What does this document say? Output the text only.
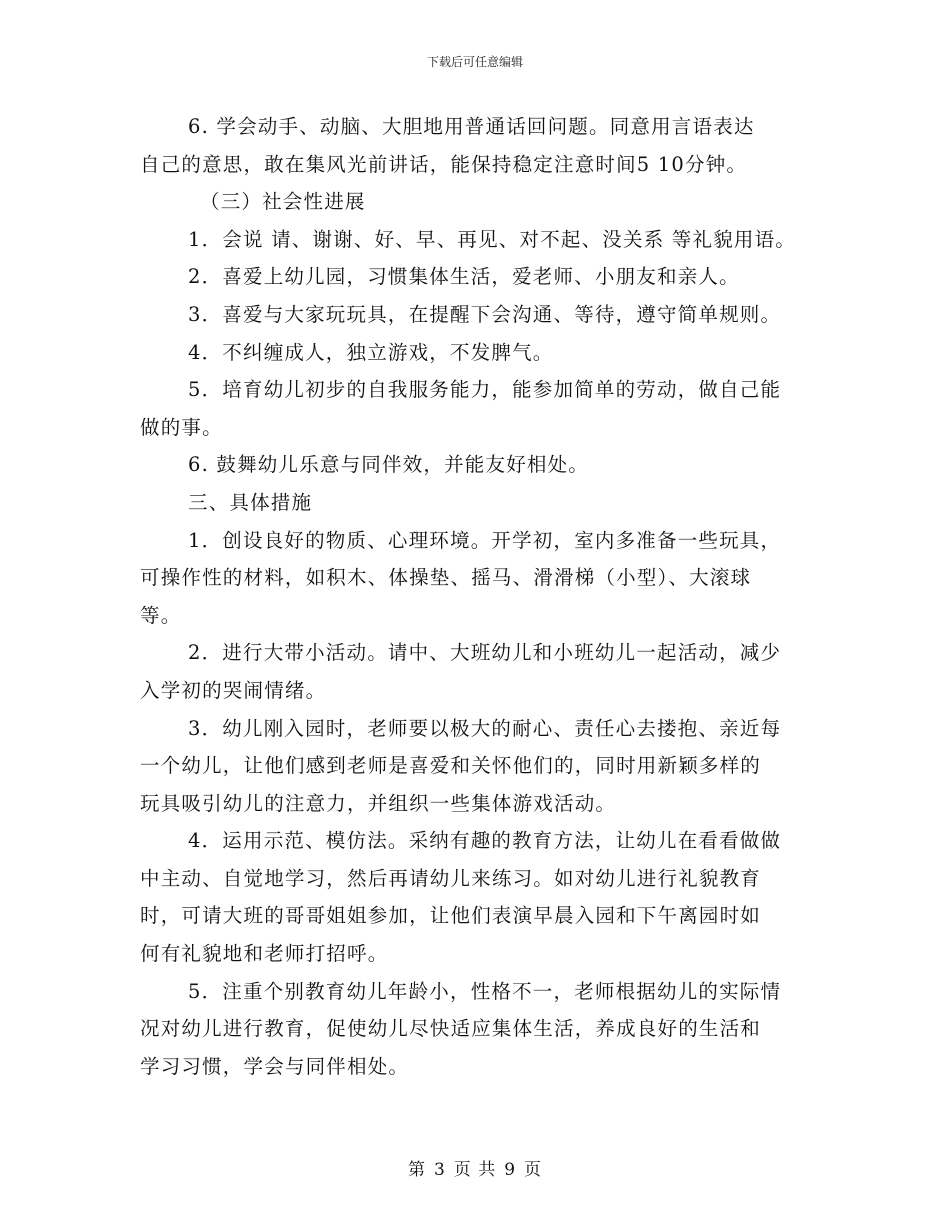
下载后可任意编辑
6. 学会动手、动脑、大胆地用普通话回问题。同意用言语表达
自己的意思，敢在集风光前讲话，能保持稳定注意时间5 10分钟。
（三）社会性进展
1．会说 请、谢谢、好、早、再见、对不起、没关系 等礼貌用语。
2．喜爱上幼儿园，习惯集体生活，爱老师、小朋友和亲人。
3．喜爱与大家玩玩具，在提醒下会沟通、等待，遵守简单规则。
4．不纠缠成人，独立游戏，不发脾气。
5．培育幼儿初步的自我服务能力，能参加简单的劳动，做自己能
做的事。
6. 鼓舞幼儿乐意与同伴效，并能友好相处。
三、具体措施
1．创设良好的物质、心理环境。开学初，室内多准备一些玩具，
可操作性的材料，如积木、体操垫、摇马、滑滑梯（小型）、大滚球
等。
2．进行大带小活动。请中、大班幼儿和小班幼儿一起活动，减少
入学初的哭闹情绪。
3．幼儿刚入园时，老师要以极大的耐心、责任心去搂抱、亲近每
一个幼儿，让他们感到老师是喜爱和关怀他们的，同时用新颖多样的
玩具吸引幼儿的注意力，并组织一些集体游戏活动。
4．运用示范、模仿法。采纳有趣的教育方法，让幼儿在看看做做
中主动、自觉地学习，然后再请幼儿来练习。如对幼儿进行礼貌教育
时，可请大班的哥哥姐姐参加，让他们表演早晨入园和下午离园时如
何有礼貌地和老师打招呼。
5．注重个别教育幼儿年龄小，性格不一，老师根据幼儿的实际情
况对幼儿进行教育，促使幼儿尽快适应集体生活，养成良好的生活和
学习习惯，学会与同伴相处。
第 3 页 共 9 页
